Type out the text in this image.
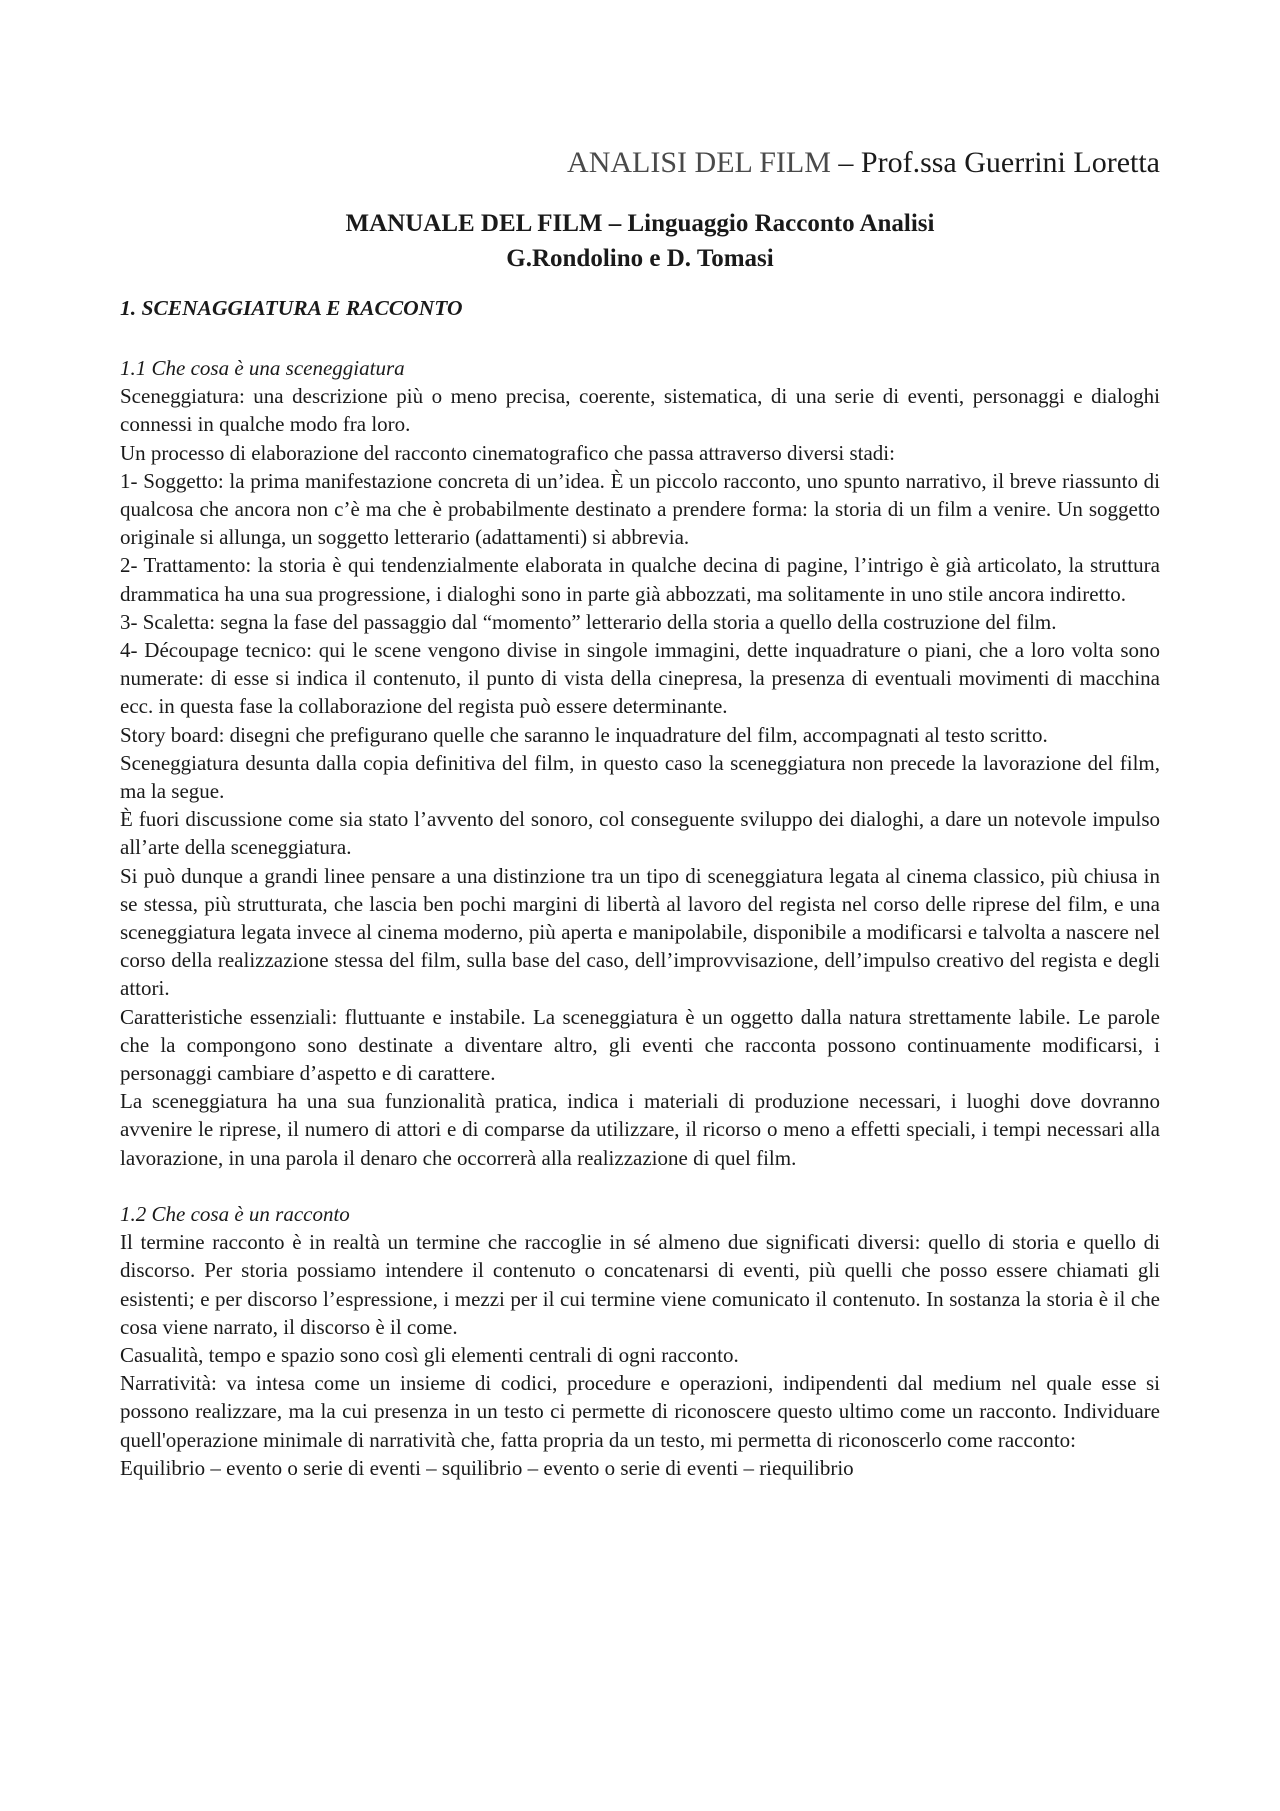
ANALISI DEL FILM – Prof.ssa Guerrini Loretta

MANUALE DEL FILM – Linguaggio Racconto Analisi
G.Rondolino e D. Tomasi

1. SCENAGGIATURA E RACCONTO

1.1 Che cosa è una sceneggiatura

Sceneggiatura: una descrizione più o meno precisa, coerente, sistematica, di una serie di eventi, personaggi e dialoghi connessi in qualche modo fra loro.

Un processo di elaborazione del racconto cinematografico che passa attraverso diversi stadi:

1- Soggetto: la prima manifestazione concreta di un’idea. È un piccolo racconto, uno spunto narrativo, il breve riassunto di qualcosa che ancora non c’è ma che è probabilmente destinato a prendere forma: la storia di un film a venire. Un soggetto originale si allunga, un soggetto letterario (adattamenti) si abbrevia.

2- Trattamento: la storia è qui tendenzialmente elaborata in qualche decina di pagine, l’intrigo è già articolato, la struttura drammatica ha una sua progressione, i dialoghi sono in parte già abbozzati, ma solitamente in uno stile ancora indiretto.

3- Scaletta: segna la fase del passaggio dal “momento” letterario della storia a quello della costruzione del film.

4- Découpage tecnico: qui le scene vengono divise in singole immagini, dette inquadrature o piani, che a loro volta sono numerate: di esse si indica il contenuto, il punto di vista della cinepresa, la presenza di eventuali movimenti di macchina ecc. in questa fase la collaborazione del regista può essere determinante.

Story board: disegni che prefigurano quelle che saranno le inquadrature del film, accompagnati al testo scritto.

Sceneggiatura desunta dalla copia definitiva del film, in questo caso la sceneggiatura non precede la lavorazione del film, ma la segue.

È fuori discussione come sia stato l’avvento del sonoro, col conseguente sviluppo dei dialoghi, a dare un notevole impulso all’arte della sceneggiatura.

Si può dunque a grandi linee pensare a una distinzione tra un tipo di sceneggiatura legata al cinema classico, più chiusa in se stessa, più strutturata, che lascia ben pochi margini di libertà al lavoro del regista nel corso delle riprese del film, e una sceneggiatura legata invece al cinema moderno, più aperta e manipolabile, disponibile a modificarsi e talvolta a nascere nel corso della realizzazione stessa del film, sulla base del caso, dell’improvvisazione, dell’impulso creativo del regista e degli attori.

Caratteristiche essenziali: fluttuante e instabile. La sceneggiatura è un oggetto dalla natura strettamente labile. Le parole che la compongono sono destinate a diventare altro, gli eventi che racconta possono continuamente modificarsi, i personaggi cambiare d’aspetto e di carattere.

La sceneggiatura ha una sua funzionalità pratica, indica i materiali di produzione necessari, i luoghi dove dovranno avvenire le riprese, il numero di attori e di comparse da utilizzare, il ricorso o meno a effetti speciali, i tempi necessari alla lavorazione, in una parola il denaro che occorrerà alla realizzazione di quel film.

1.2 Che cosa è un racconto

Il termine racconto è in realtà un termine che raccoglie in sé almeno due significati diversi: quello di storia e quello di discorso. Per storia possiamo intendere il contenuto o concatenarsi di eventi, più quelli che posso essere chiamati gli esistenti; e per discorso l’espressione, i mezzi per il cui termine viene comunicato il contenuto. In sostanza la storia è il che cosa viene narrato, il discorso è il come.

Casualità, tempo e spazio sono così gli elementi centrali di ogni racconto.

Narratività: va intesa come un insieme di codici, procedure e operazioni, indipendenti dal medium nel quale esse si possono realizzare, ma la cui presenza in un testo ci permette di riconoscere questo ultimo come un racconto. Individuare quell'operazione minimale di narratività che, fatta propria da un testo, mi permetta di riconoscerlo come racconto:

Equilibrio – evento o serie di eventi – squilibrio – evento o serie di eventi – riequilibrio
